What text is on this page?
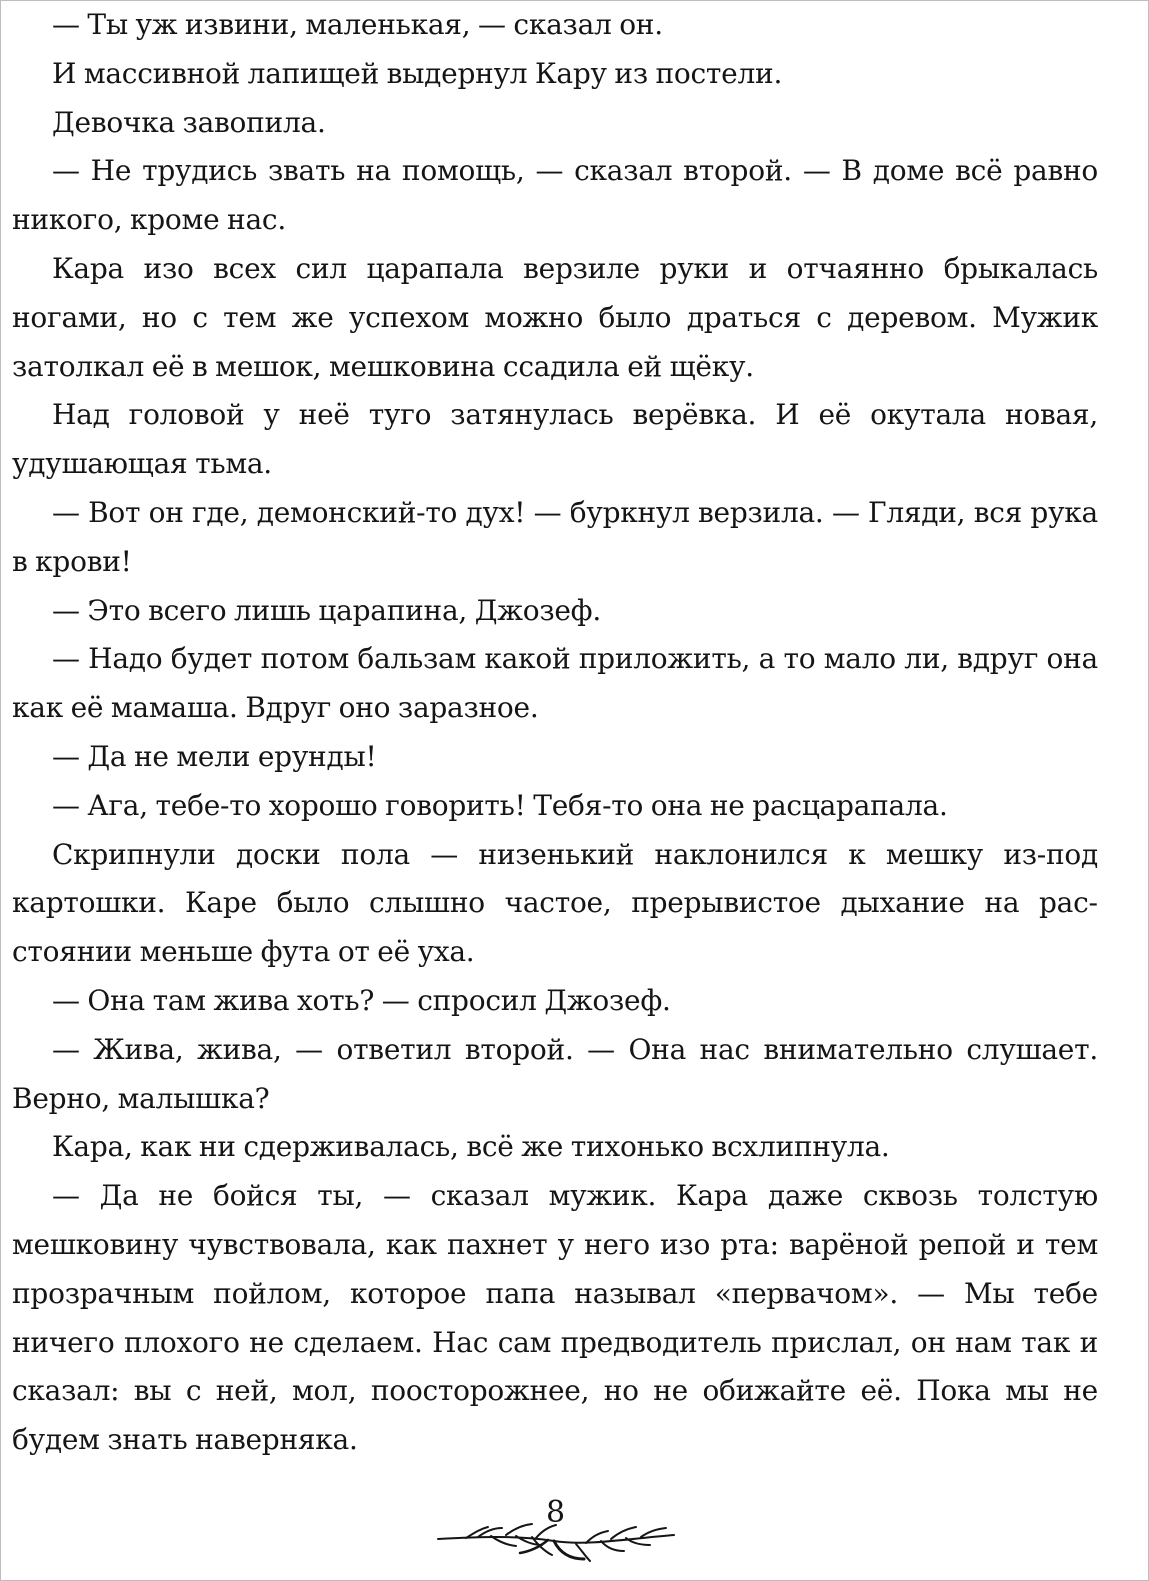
— Ты уж извини, маленькая, — сказал он.

И массивной лапищей выдернул Кару из постели.

Девочка завопила.

— Не трудись звать на помощь, — сказал второй. — В доме всё равно никого, кроме нас.

Кара изо всех сил царапала верзиле руки и отчаянно брыкалась ногами, но с тем же успехом можно было драться с деревом. Мужик затолкал её в мешок, мешковина ссадила ей щёку.

Над головой у неё туго затянулась верёвка. И её окутала новая, удушающая тьма.

— Вот он где, демонский-то дух! — буркнул верзила. — Гляди, вся рука в крови!

— Это всего лишь царапина, Джозеф.

— Надо будет потом бальзам какой приложить, а то мало ли, вдруг она как её мамаша. Вдруг оно заразное.

— Да не мели ерунды!

— Ага, тебе-то хорошо говорить! Тебя-то она не расцарапала.

Скрипнули доски пола — низенький наклонился к мешку из-под картошки. Каре было слышно частое, прерывистое дыхание на расстоянии меньше фута от её уха.

— Она там жива хоть? — спросил Джозеф.

— Жива, жива, — ответил второй. — Она нас внимательно слушает. Верно, малышка?

Кара, как ни сдерживалась, всё же тихонько всхлипнула.

— Да не бойся ты, — сказал мужик. Кара даже сквозь толстую мешковину чувствовала, как пахнет у него изо рта: варёной репой и тем прозрачным пойлом, которое папа называл «первачом». — Мы тебе ничего плохого не сделаем. Нас сам предводитель прислал, он нам так и сказал: вы с ней, мол, поосторожнее, но не обижайте её. Пока мы не будем знать наверняка.

8
